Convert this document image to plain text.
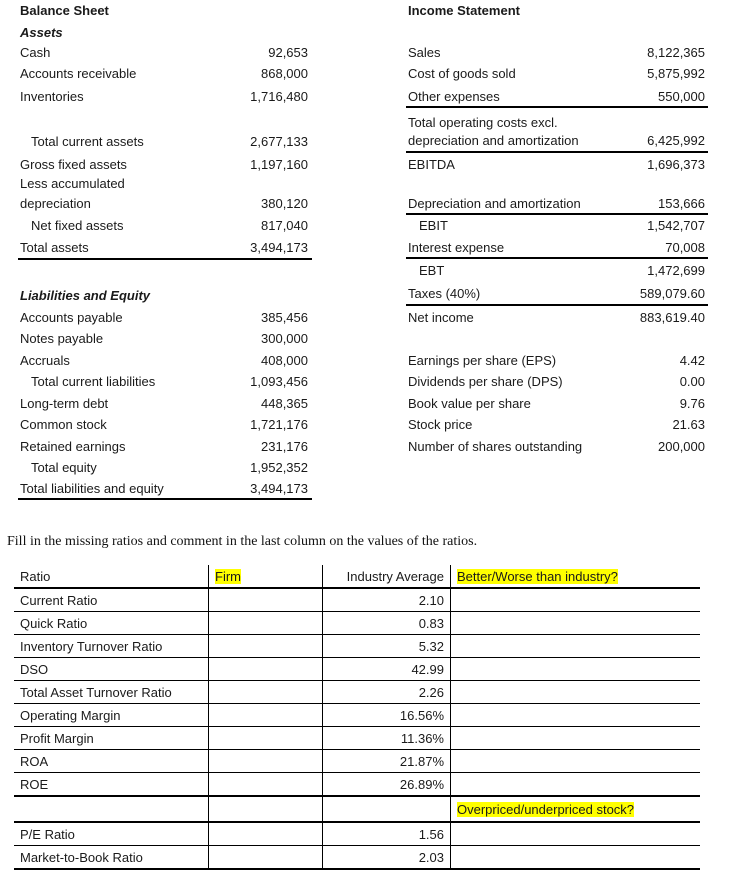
Balance Sheet
Assets
Cash	92,653
Accounts receivable	868,000
Inventories	1,716,480
Total current assets	2,677,133
Gross fixed assets	1,197,160
Less accumulated
depreciation	380,120
Net fixed assets	817,040
Total assets	3,494,173
Liabilities and Equity
Accounts payable	385,456
Notes payable	300,000
Accruals	408,000
Total current liabilities	1,093,456
Long-term debt	448,365
Common stock	1,721,176
Retained earnings	231,176
Total equity	1,952,352
Total liabilities and equity	3,494,173
Income Statement
Sales	8,122,365
Cost of goods sold	5,875,992
Other expenses	550,000
Total operating costs excl.
depreciation and amortization	6,425,992
EBITDA	1,696,373
Depreciation and amortization	153,666
EBIT	1,542,707
Interest expense	70,008
EBT	1,472,699
Taxes (40%)	589,079.60
Net income	883,619.40
Earnings per share (EPS)	4.42
Dividends per share (DPS)	0.00
Book value per share	9.76
Stock price	21.63
Number of shares outstanding	200,000
Fill in the missing ratios and comment in the last column on the values of the ratios.
Ratio	Firm	Industry Average	Better/Worse than industry?
Current Ratio		2.10	
Quick Ratio		0.83	
Inventory Turnover Ratio		5.32	
DSO		42.99	
Total Asset Turnover Ratio		2.26	
Operating Margin		16.56%	
Profit Margin		11.36%	
ROA		21.87%	
ROE		26.89%	
			Overpriced/underpriced stock?
P/E Ratio		1.56	
Market-to-Book Ratio		2.03	
